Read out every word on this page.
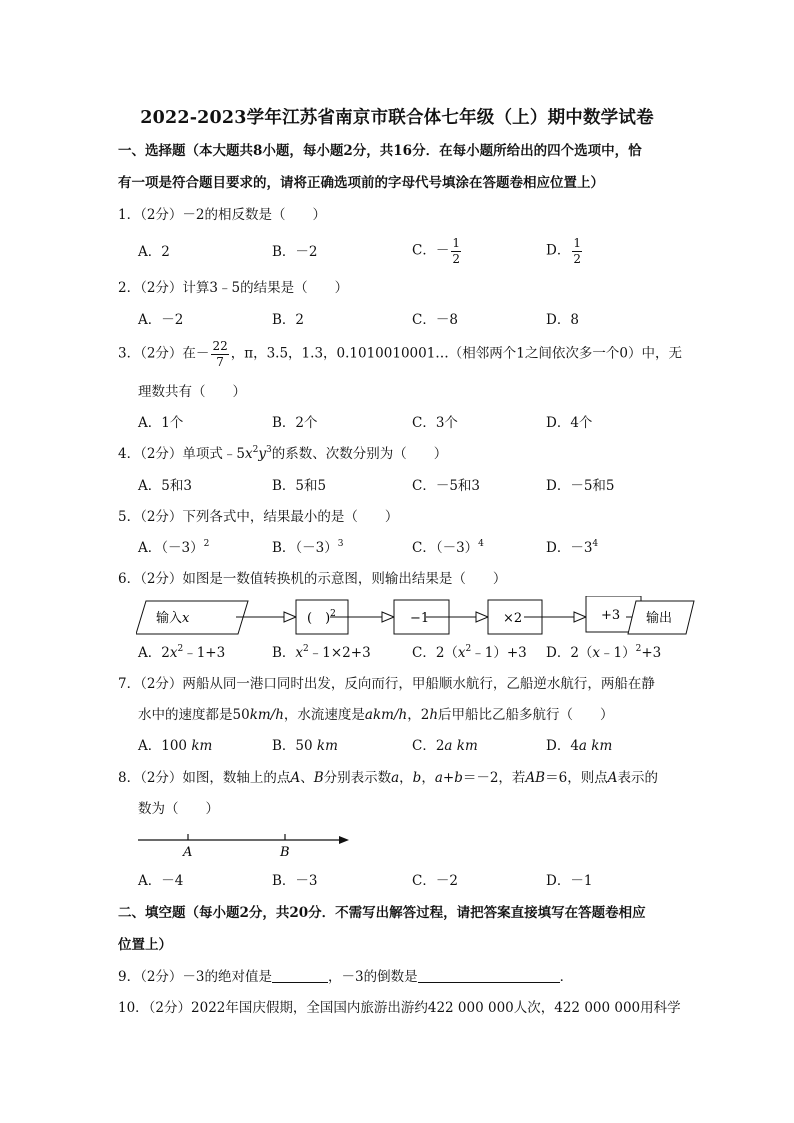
2022-2023学年江苏省南京市联合体七年级（上）期中数学试卷
一、选择题（本大题共8小题，每小题2分，共16分．在每小题所给出的四个选项中，恰
有一项是符合题目要求的，请将正确选项前的字母代号填涂在答题卷相应位置上）
1．（2分）－2的相反数是（　　）
A．2	B．－2	C．－ $\frac{1}{2}$	D． $\frac{1}{2}$
2．（2分）计算3﹣5的结果是（　　）
A．－2	B．2	C．－8	D．8
3．（2分）在－ $\frac{22}{7}$ ，π，3.5，1.3，0.1010010001…（相邻两个1之间依次多一个0）中，无
理数共有（　　）
A．1个	B．2个	C．3个	D．4个
4．（2分）单项式$﹣5x^2y^3$的系数、次数分别为（　　）
A．5和3	B．5和5	C．－5和3	D．－5和5
5．（2分）下列各式中，结果最小的是（　　）
A．$(-3)^2$	B．$(-3)^3$	C．$(-3)^4$	D．$-3^4$
6．（2分）如图是一数值转换机的示意图，则输出结果是（　　）
输入x	(　)$^2$	−1	×2	+3 输出
A．$2x^2﹣1+3$	B．$x^2﹣1\times 2+3$	C．$2(x^2﹣1)+3$ D．2（x﹣1）$^2$+3
7．（2分）两船从同一港口同时出发，反向而行，甲船顺水航行，乙船逆水航行，两船在静
水中的速度都是50km/h，水流速度是akm/h，2h后甲船比乙船多航行（　　）
A．100 km	B．50 km	C．2a km	D．4a km
8．（2分）如图，数轴上的点A、B分别表示数a，b，a+b＝－2，若AB＝6，则点A表示的
数为（　　）
A	B
A．－4	B．－3	C．－2	D．－1
二、填空题（每小题2分，共20分．不需写出解答过程，请把答案直接填写在答题卷相应
位置上）
9．（2分）－3的绝对值是	，－3的倒数是	．
10．（2分）2022年国庆假期，全国国内旅游出游约422 000 000人次，422 000 000用科学
